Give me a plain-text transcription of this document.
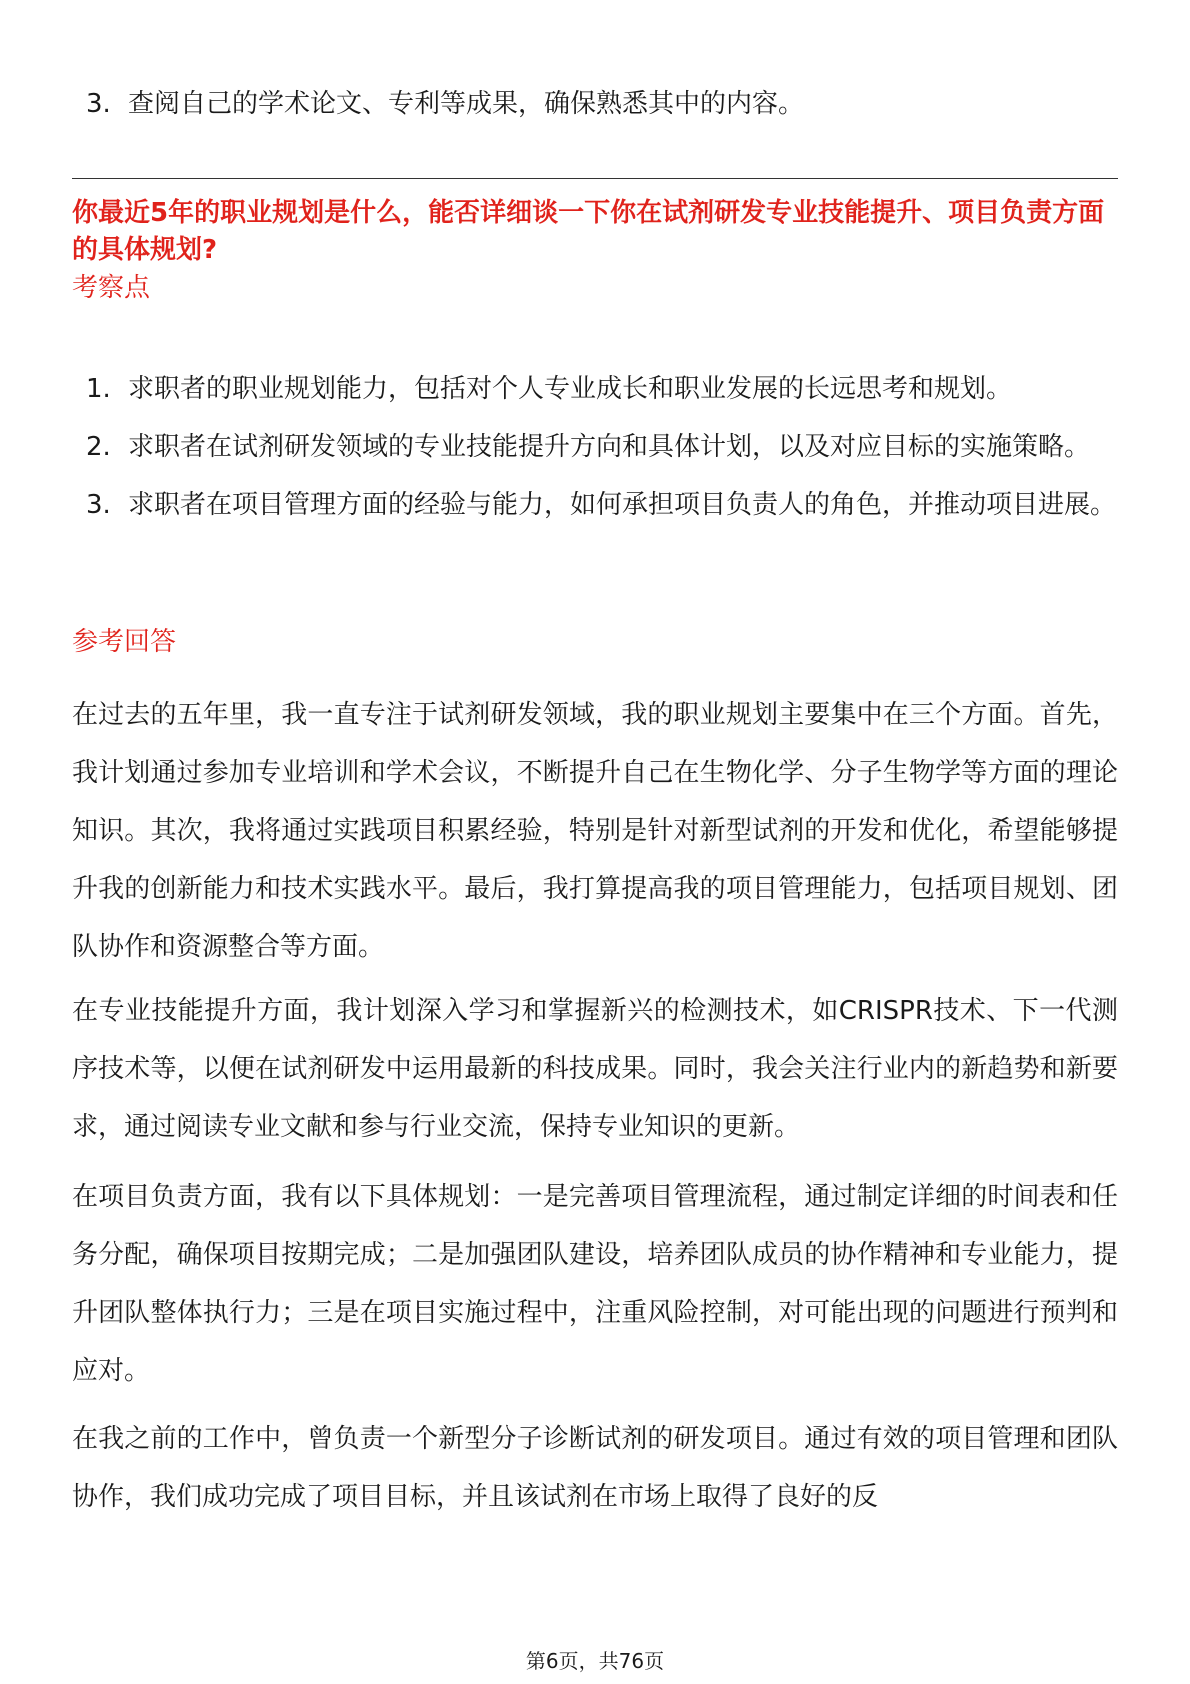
3. 查阅自己的学术论文、专利等成果，确保熟悉其中的内容。
你最近5年的职业规划是什么，能否详细谈一下你在试剂研发专业技能提升、项目负责方面的具体规划?
考察点
1. 求职者的职业规划能力，包括对个人专业成长和职业发展的长远思考和规划。
2. 求职者在试剂研发领域的专业技能提升方向和具体计划，以及对应目标的实施策略。
3. 求职者在项目管理方面的经验与能力，如何承担项目负责人的角色，并推动项目进展。
参考回答

在过去的五年里，我一直专注于试剂研发领域，我的职业规划主要集中在三个方面。首先，我计划通过参加专业培训和学术会议，不断提升自己在生物化学、分子生物学等方面的理论知识。其次，我将通过实践项目积累经验，特别是针对新型试剂的开发和优化，希望能够提升我的创新能力和技术实践水平。最后，我打算提高我的项目管理能力，包括项目规划、团队协作和资源整合等方面。

在专业技能提升方面，我计划深入学习和掌握新兴的检测技术，如CRISPR技术、下一代测序技术等，以便在试剂研发中运用最新的科技成果。同时，我会关注行业内的新趋势和新要求，通过阅读专业文献和参与行业交流，保持专业知识的更新。

在项目负责方面，我有以下具体规划：一是完善项目管理流程，通过制定详细的时间表和任务分配，确保项目按期完成；二是加强团队建设，培养团队成员的协作精神和专业能力，提升团队整体执行力；三是在项目实施过程中，注重风险控制，对可能出现的问题进行预判和应对。

在我之前的工作中，曾负责一个新型分子诊断试剂的研发项目。通过有效的项目管理和团队协作，我们成功完成了项目目标，并且该试剂在市场上取得了良好的反

第6页，共76页
